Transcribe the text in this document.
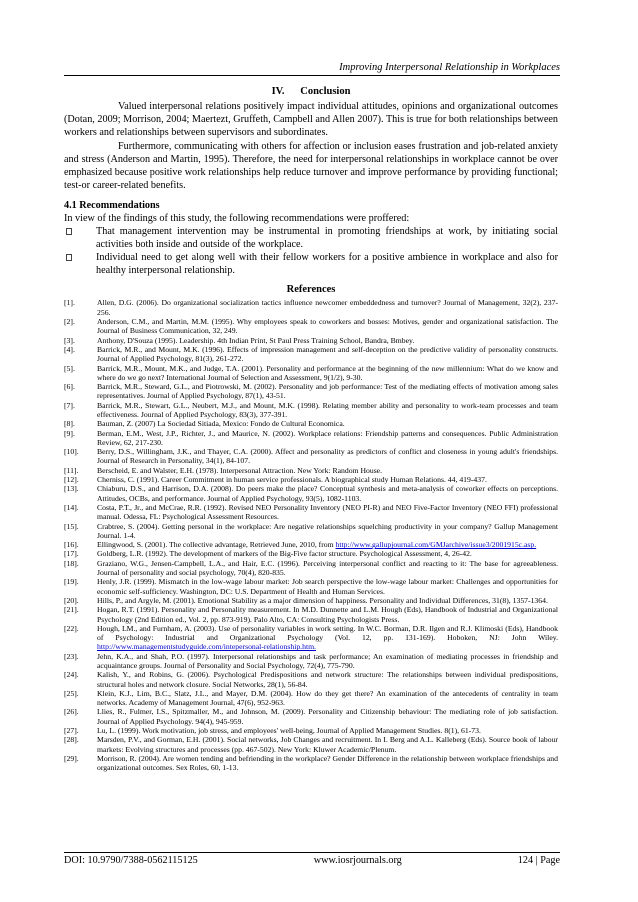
Improving Interpersonal Relationship in Workplaces
IV.      Conclusion

Valued interpersonal relations positively impact individual attitudes, opinions and organizational outcomes (Dotan, 2009; Morrison, 2004; Maertezt, Gruffeth, Campbell and Allen 2007). This is true for both relationships between workers and relationships between supervisors and subordinates.

Furthermore, communicating with others for affection or inclusion eases frustration and job-related anxiety and stress (Anderson and Martin, 1995). Therefore, the need for interpersonal relationships in workplace cannot be over emphasized because positive work relationships help reduce turnover and improve performance by providing functional; test-or career-related benefits.

4.1 Recommendations

In view of the findings of this study, the following recommendations were proffered:

That management intervention may be instrumental in promoting friendships at work, by initiating social activities both inside and outside of the workplace.
Individual need to get along well with their fellow workers for a positive ambience in workplace and also for healthy interpersonal relationship.
References
[1].	Allen, D.G. (2006). Do organizational socialization tactics influence newcomer embeddedness and turnover? Journal of Management, 32(2), 237-256.
[2].	Anderson, C.M., and Martin, M.M. (1995). Why employees speak to coworkers and bosses: Motives, gender and organizational satisfaction. The Journal of Business Communication, 32, 249.
[3].	Anthony, D'Souza (1995). Leadership. 4th Indian Print, St Paul Press Training School, Bandra, Bmbey.
[4].	Barrick, M.R., and Mount, M.K. (1996). Effects of impression management and self-deception on the predictive validity of personality constructs. Journal of Applied Psychology, 81(3), 261-272.
[5].	Barrick, M.R., Mount, M.K., and Judge, T.A. (2001). Personality and performance at the beginning of the new millennium: What do we know and where do we go next? International Journal of Selection and Assessment, 9(1/2), 9-30.
[6].	Barrick, M.R., Steward, G.L., and Piotrowski, M. (2002). Personality and job performance: Test of the mediating effects of motivation among sales representatives. Journal of Applied Psychology, 87(1), 43-51.
[7].	Barrick, M.R., Stewart, G.L., Neubert, M.J., and Mount, M.K. (1998). Relating member ability and personality to work-team processes and team effectiveness. Journal of Applied Psychology, 83(3), 377-391.
[8].	Bauman, Z. (2007) La Sociedad Sitiada, Mexico: Fondo de Cultural Economica.
[9].	Berman, E.M., West, J.P., Richter, J., and Maurice, N. (2002). Workplace relations: Friendship patterns and consequences. Public Administration Review, 62, 217-230.
[10].	Berry, D.S., Willingham, J.K., and Thayer, C.A. (2000). Affect and personality as predictors of conflict and closeness in young adult's friendships. Journal of Research in Personality, 34(1), 84-107.
[11].	Berscheid, E. and Walster, E.H. (1978). Interpersonal Attraction. New York: Random House.
[12].	Cherniss, C. (1991). Career Commitment in human service professionals. A biographical study Human Relations. 44, 419-437.
[13].	Chiaburu, D.S., and Harrison, D.A. (2008). Do peers make the place? Conceptual synthesis and meta-analysis of coworker effects on perceptions. Attitudes, OCBs, and performance. Journal of Applied Psychology, 93(5), 1082-1103.
[14].	Costa, P.T., Jr., and McCrae, R.R. (1992). Revised NEO Personality Inventory (NEO PI-R) and NEO Five-Factor Inventory (NEO FFI) professional manual. Odessa, FL: Psychological Assessment Resources.
[15].	Crabtree, S. (2004). Getting personal in the workplace: Are negative relationships squelching productivity in your company? Gallup Management Journal. 1-4.
[16].	Ellingwood, S. (2001). The collective advantage, Retrieved June, 2010, from http://www.gallupjournal.com/GMJarchive/issue3/2001915c.asp.
[17].	Goldberg, L.R. (1992). The development of markers of the Big-Five factor structure. Psychological Assessment, 4, 26-42.
[18].	Graziano, W.G., Jensen-Campbell, L.A., and Hair, E.C. (1996). Perceiving interpersonal conflict and reacting to it: The base for agreeableness. Journal of personality and social psychology, 70(4), 820-835.
[19].	Henly, J.R. (1999). Mismatch in the low-wage labour market: Job search perspective the low-wage labour market: Challenges and opportunities for economic self-sufficiency. Washington, DC: U.S. Department of Health and Human Services.
[20].	Hills, P., and Argyle, M. (2001). Emotional Stability as a major dimension of happiness. Personality and Individual Differences, 31(8), 1357-1364.
[21].	Hogan, R.T. (1991). Personality and Personality measurement. In M.D. Dunnette and L.M. Hough (Eds), Handbook of Industrial and Organizational Psychology (2nd Edition ed., Vol. 2, pp. 873-919). Palo Alto, CA: Consulting Psychologists Press.
[22].	Hough, LM., and Furnham, A. (2003). Use of personality variables in work setting. In W.C. Borman, D.R. Ilgen and R.J. Klimoski (Eds), Handbook of Psychology: Industrial and Organizational Psychology (Vol. 12, pp. 131-169). Hoboken, NJ: John Wiley. http://www.managementstudyguide.com/intepersonal-relationship.htm.
[23].	Jehn, K.A., and Shah, P.O. (1997). Interpersonal relationships and task performance; An examination of mediating processes in friendship and acquaintance groups. Journal of Personality and Social Psychology, 72(4), 775-790.
[24].	Kalish, Y., and Robins, G. (2006). Psychological Predispositions and network structure: The relationships between individual predispositions, structural holes and network closure. Social Networks, 28(1), 56-84.
[25].	Klein, K.J., Lim, B.C., Slatz, J.L., and Mayer, D.M. (2004). How do they get there? An examination of the antecedents of centrality in team networks. Academy of Management Journal, 47(6), 952-963.
[26].	Llies, R., Fulmer, I.S., Spitzmaller, M., and Johnson, M. (2009). Personality and Citizenship behaviour: The mediating role of job satisfaction. Journal of Applied Psychology. 94(4), 945-959.
[27].	Lu, L. (1999). Work motivation, job stress, and employees' well-being, Journal of Applied Management Studies. 8(1), 61-73.
[28].	Marsden, P.V., and Gorman, E.H. (2001). Social networks, Job Changes and recruitment. In I. Berg and A.L. Kalleberg (Eds). Source book of labour markets: Evolving structures and processes (pp. 467-502). New York: Kluwer Academic/Plenum.
[29].	Morrison, R. (2004). Are women tending and befriending in the workplace? Gender Difference in the relationship between workplace friendships and organizational outcomes. Sex Roles, 60, 1-13.
DOI: 10.9790/7388-0562115125	www.iosrjournals.org	124 | Page
